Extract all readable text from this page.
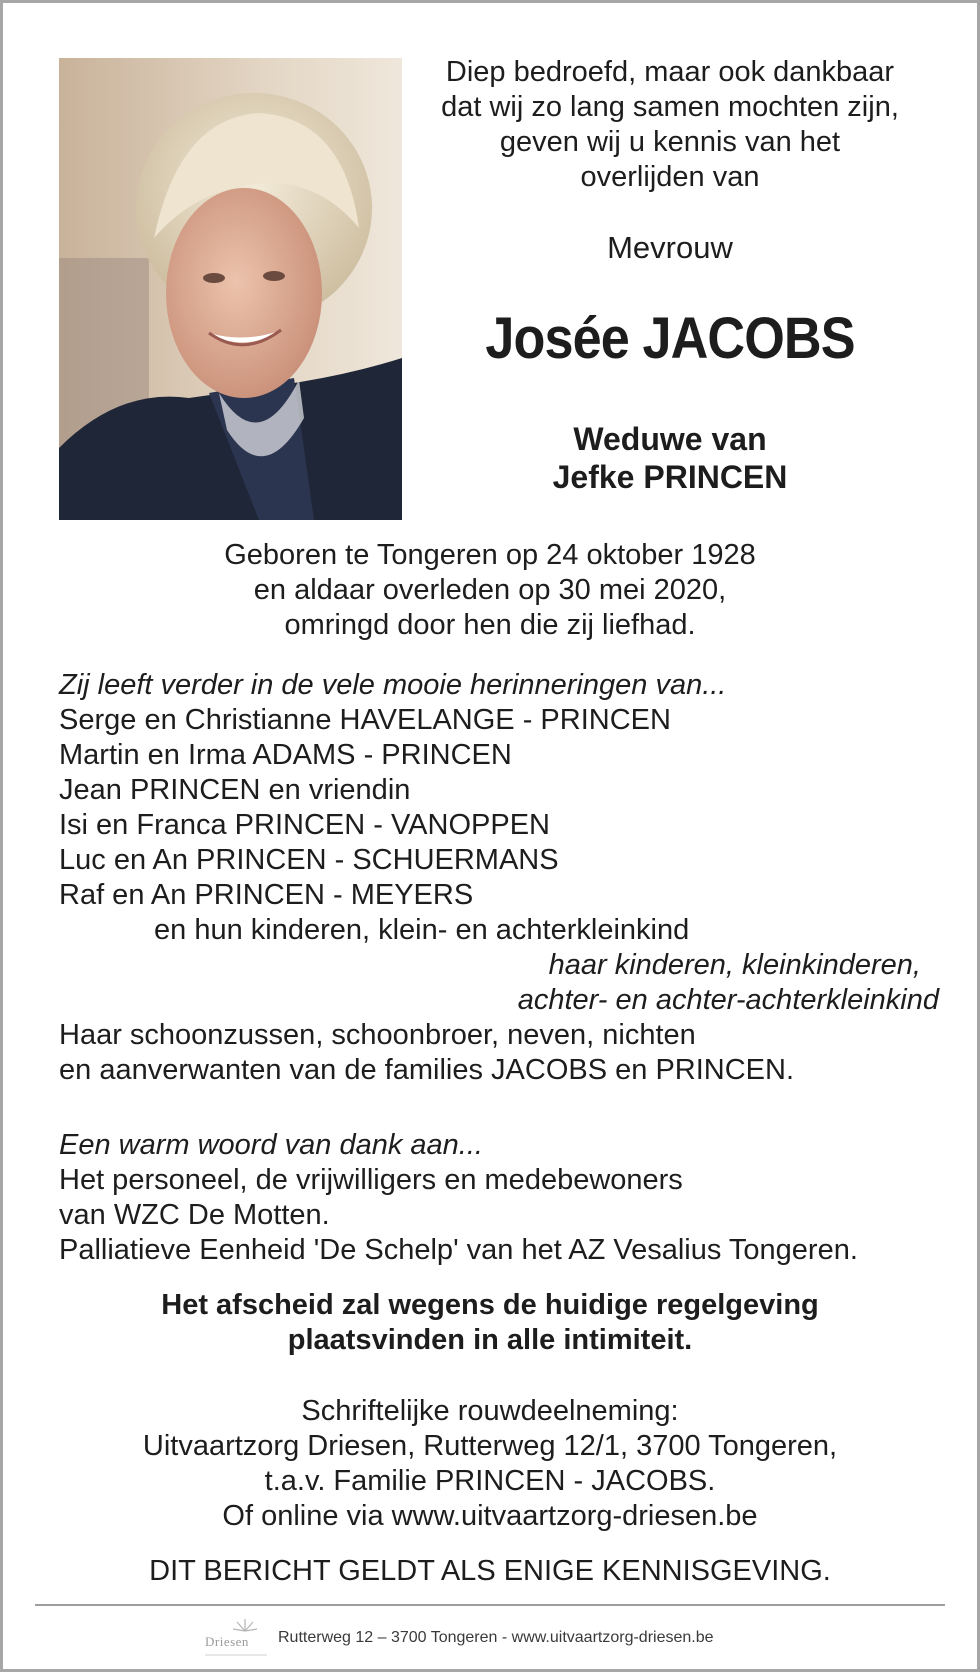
Diep bedroefd, maar ook dankbaar
dat wij zo lang samen mochten zijn,
geven wij u kennis van het
overlijden van
Mevrouw
Josée JACOBS
Weduwe van
Jefke PRINCEN
Geboren te Tongeren op 24 oktober 1928
en aldaar overleden op 30 mei 2020,
omringd door hen die zij liefhad.
Zij leeft verder in de vele mooie herinneringen van...
Serge en Christianne HAVELANGE - PRINCEN
Martin en Irma ADAMS - PRINCEN
Jean PRINCEN en vriendin
Isi en Franca PRINCEN - VANOPPEN
Luc en An PRINCEN - SCHUERMANS
Raf en An PRINCEN - MEYERS
en hun kinderen, klein- en achterkleinkind
haar kinderen, kleinkinderen,
achter- en achter-achterkleinkind
Haar schoonzussen, schoonbroer, neven, nichten
en aanverwanten van de families JACOBS en PRINCEN.
Een warm woord van dank aan...
Het personeel, de vrijwilligers en medebewoners
van WZC De Motten.
Palliatieve Eenheid 'De Schelp' van het AZ Vesalius Tongeren.
Het afscheid zal wegens de huidige regelgeving
plaatsvinden in alle intimiteit.
Schriftelijke rouwdeelneming:
Uitvaartzorg Driesen, Rutterweg 12/1, 3700 Tongeren,
t.a.v. Familie PRINCEN - JACOBS.
Of online via www.uitvaartzorg-driesen.be
DIT BERICHT GELDT ALS ENIGE KENNISGEVING.
Driesen Rutterweg 12 – 3700 Tongeren - www.uitvaartzorg-driesen.be
